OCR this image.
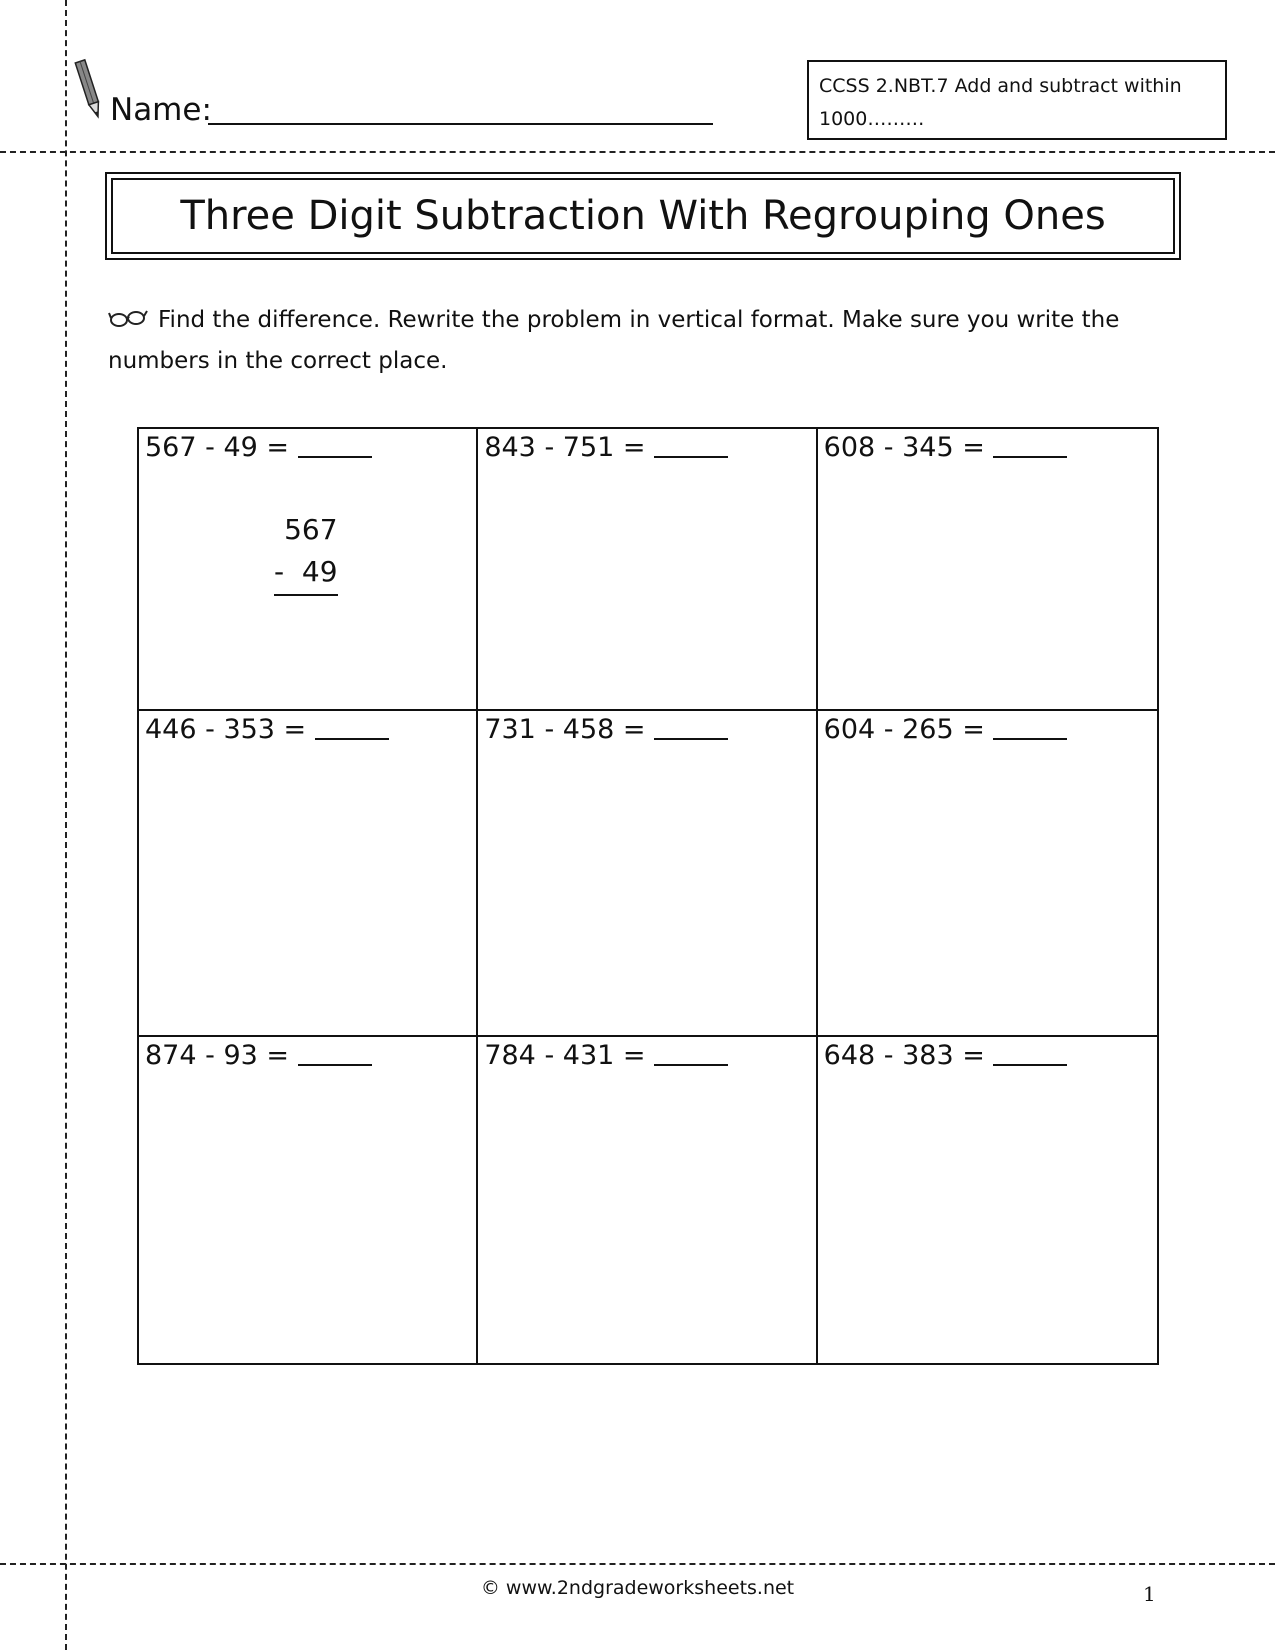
Name:
CCSS 2.NBT.7 Add and subtract within 1000………
Three Digit Subtraction With Regrouping Ones
Find the difference. Rewrite the problem in vertical format. Make sure you write the numbers in the correct place.
567 - 49 =
567
-  49
843 - 751 =	608 - 345 =
446 - 353 =	731 - 458 =	604 - 265 =
874 - 93 =	784 - 431 =	648 - 383 =
© www.2ndgradeworksheets.net	1
